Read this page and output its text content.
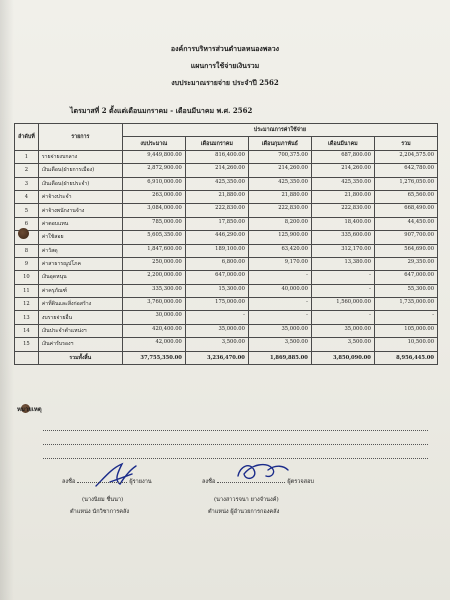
องค์การบริหารส่วนตำบลหนองพลวง
แผนการใช้จ่ายเงินรวม
งบประมาณรายจ่าย ประจำปี 2562
ไตรมาสที่ 2 ตั้งแต่เดือนมกราคม - เดือนมีนาคม พ.ศ. 2562
ลำดับที่	รายการ	ประมาณการค่าใช้จ่าย				
		งบประมาณ	เดือนมกราคม	เดือนกุมภาพันธ์	เดือนมีนาคม	รวม
1	รายจ่ายงบกลาง	9,449,800.00	816,400.00	700,375.00	687,800.00	2,204,575.00
2	เงินเดือน(ฝ่ายการเมือง)	2,872,900.00	214,260.00	214,260.00	214,260.00	642,780.00
3	เงินเดือน(ฝ่ายประจำ)	6,910,000.00	425,350.00	425,350.00	425,350.00	1,276,050.00
4	ค่าจ้างประจำ	263,000.00	21,880.00	21,880.00	21,800.00	65,560.00
5	ค่าจ้างพนักงานจ้าง	3,084,000.00	222,830.00	222,830.00	222,830.00	668,490.00
6	ค่าตอบแทน	785,000.00	17,850.00	8,200.00	18,400.00	44,450.00
	ค่าใช้สอย	5,605,350.00	446,290.00	125,900.00	335,600.00	907,700.00
8	ค่าวัสดุ	1,847,600.00	189,100.00	63,420.00	312,170.00	564,690.00
9	ค่าสาธารณูปโภค	250,000.00	6,800.00	9,170.00	13,380.00	29,350.00
10	เงินอุดหนุน	2,200,000.00	647,000.00	-	-	647,000.00
11	ค่าครุภัณฑ์	335,300.00	15,300.00	40,000.00	-	55,300.00
12	ค่าที่ดินและสิ่งก่อสร้าง	3,760,000.00	175,000.00	-	1,560,000.00	1,735,000.00
13	งบรายจ่ายอื่น	30,000.00	-	-	-	-
14	เงินประจำตำแหน่งฯ	420,400.00	35,000.00	35,000.00	35,000.00	105,000.00
15	เงินค่ารับรองฯ	42,000.00	3,500.00	3,500.00	3,500.00	10,500.00
	รวมทั้งสิ้น	37,755,350.00	3,236,470.00	1,869,885.00	3,850,090.00	8,956,445.00
หมายเหตุ
ลงชื่อ	ผู้รายงาน
(นางนิยม ชื่นนา)
ตำแหน่ง นักวิชาการคลัง
ลงชื่อ	ผู้ตรวจสอบ
(นางสาวรจนา ยางจำนงค์)
ตำแหน่ง ผู้อำนวยการกองคลัง
